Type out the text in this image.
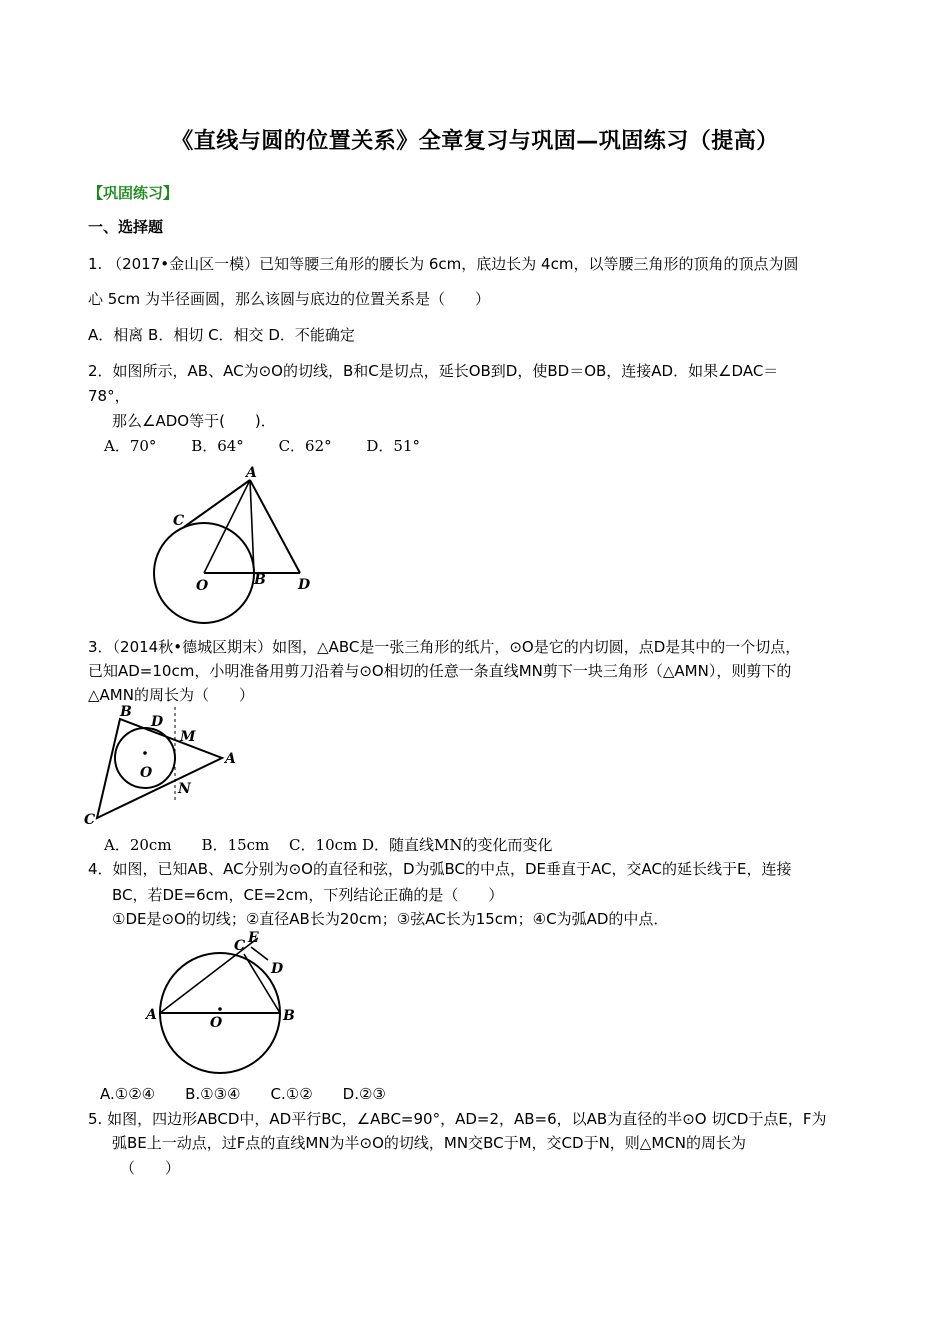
《直线与圆的位置关系》全章复习与巩固—巩固练习（提高）
【巩固练习】
一、选择题
1. （2017•金山区一模）已知等腰三角形的腰长为 6cm，底边长为 4cm，以等腰三角形的顶角的顶点为圆
心 5cm 为半径画圆，那么该圆与底边的位置关系是（　　）
A．相离 B．相切 C．相交 D．不能确定
2．如图所示，AB、AC为⊙O的切线，B和C是切点，延长OB到D，使BD＝OB，连接AD．如果∠DAC＝
78°，
那么∠ADO等于(　　)．
A．70°　　 B．64°　　 C．62°　　 D．51°
A
C
O	B D
3．（2014秋•德城区期末）如图，△ABC是一张三角形的纸片，⊙O是它的内切圆，点D是其中的一个切点，
已知AD=10cm，小明准备用剪刀沿着与⊙O相切的任意一条直线MN剪下一块三角形（△AMN），则剪下的
△AMN的周长为（　　）
B
D
M
A
O
N
C
A．20cm　　B．15cm　 C．10cm D．随直线MN的变化而变化
4．如图，已知AB、AC分别为⊙O的直径和弦，D为弧BC的中点，DE垂直于AC，交AC的延长线于E，连接
BC，若DE=6cm，CE=2cm，下列结论正确的是（　　）
①DE是⊙O的切线；②直径AB长为20cm；③弦AC长为15cm；④C为弧AD的中点．
C E
D
A	O	B
A.①②④　　B.①③④　　C.①②　　D.②③
5. 如图，四边形ABCD中，AD平行BC，∠ABC=90°，AD=2，AB=6，以AB为直径的半⊙O 切CD于点E，F为
弧BE上一动点，过F点的直线MN为半⊙O的切线，MN交BC于M，交CD于N，则△MCN的周长为
（　　）
